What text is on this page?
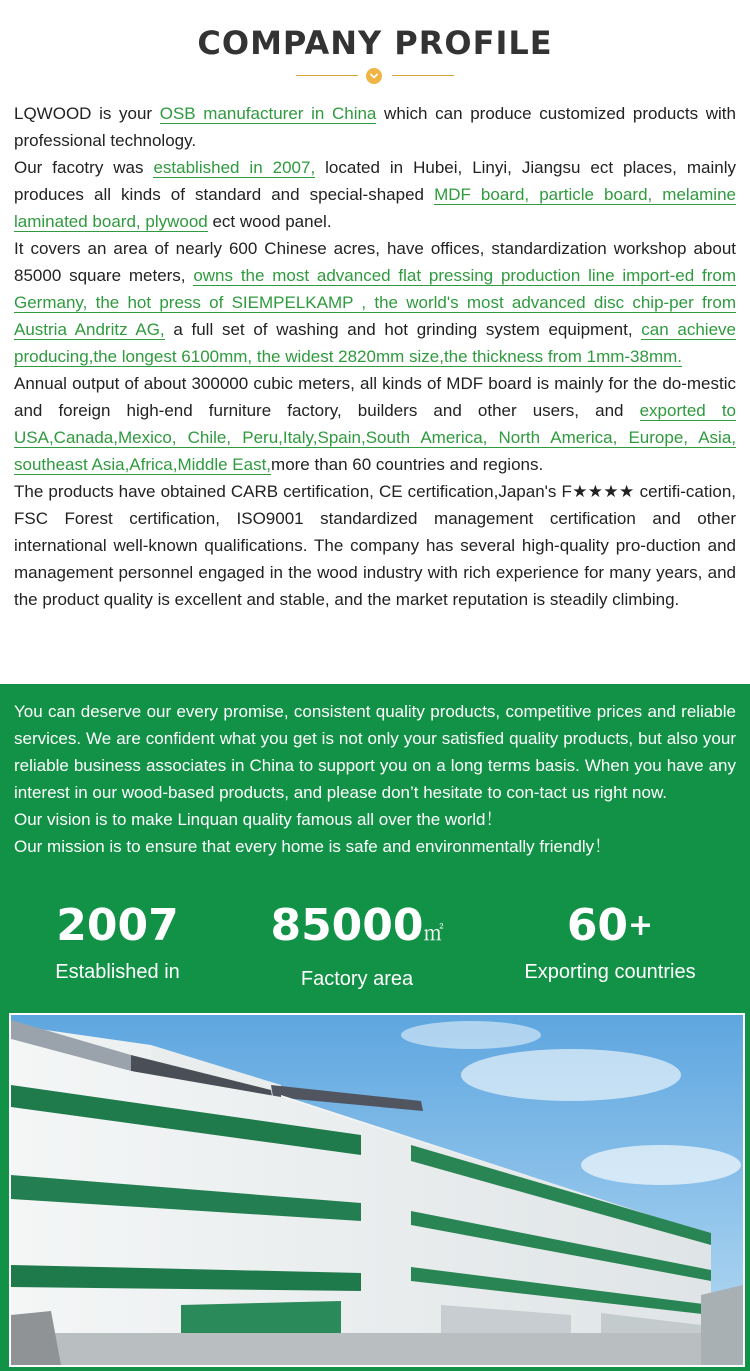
COMPANY PROFILE

LQWOOD is your OSB manufacturer in China which can produce customized products with professional technology.

Our facotry was established in 2007, located in Hubei, Linyi, Jiangsu ect places, mainly produces all kinds of standard and special-shaped MDF board, particle board, melamine laminated board, plywood ect wood panel.

It covers an area of nearly 600 Chinese acres, have offices, standardization workshop about 85000 square meters, owns the most advanced flat pressing production line import-ed from Germany, the hot press of SIEMPELKAMP , the world's most advanced disc chip-per from Austria Andritz AG, a full set of washing and hot grinding system equipment, can achieve producing,the longest 6100mm, the widest 2820mm size,the thickness from 1mm-38mm.

Annual output of about 300000 cubic meters, all kinds of MDF board is mainly for the do-mestic and foreign high-end furniture factory, builders and other users, and exported to USA,Canada,Mexico, Chile, Peru,Italy,Spain,South America, North America, Europe, Asia, southeast Asia,Africa,Middle East,more than 60 countries and regions.

The products have obtained CARB certification, CE certification,Japan's F★★★★ certifi-cation, FSC Forest certification, ISO9001 standardized management certification and other international well-known qualifications. The company has several high-quality pro-duction and management personnel engaged in the wood industry with rich experience for many years, and the product quality is excellent and stable, and the market reputation is steadily climbing.

You can deserve our every promise, consistent quality products, competitive prices and reliable services. We are confident what you get is not only your satisfied quality products, but also your reliable business associates in China to support you on a long terms basis. When you have any interest in our wood-based products, and please don’t hesitate to con-tact us right now.

Our vision is to make Linquan quality famous all over the world！

Our mission is to ensure that every home is safe and environmentally friendly！

2007
Established in
85000㎡
Factory area
60+
Exporting countries
